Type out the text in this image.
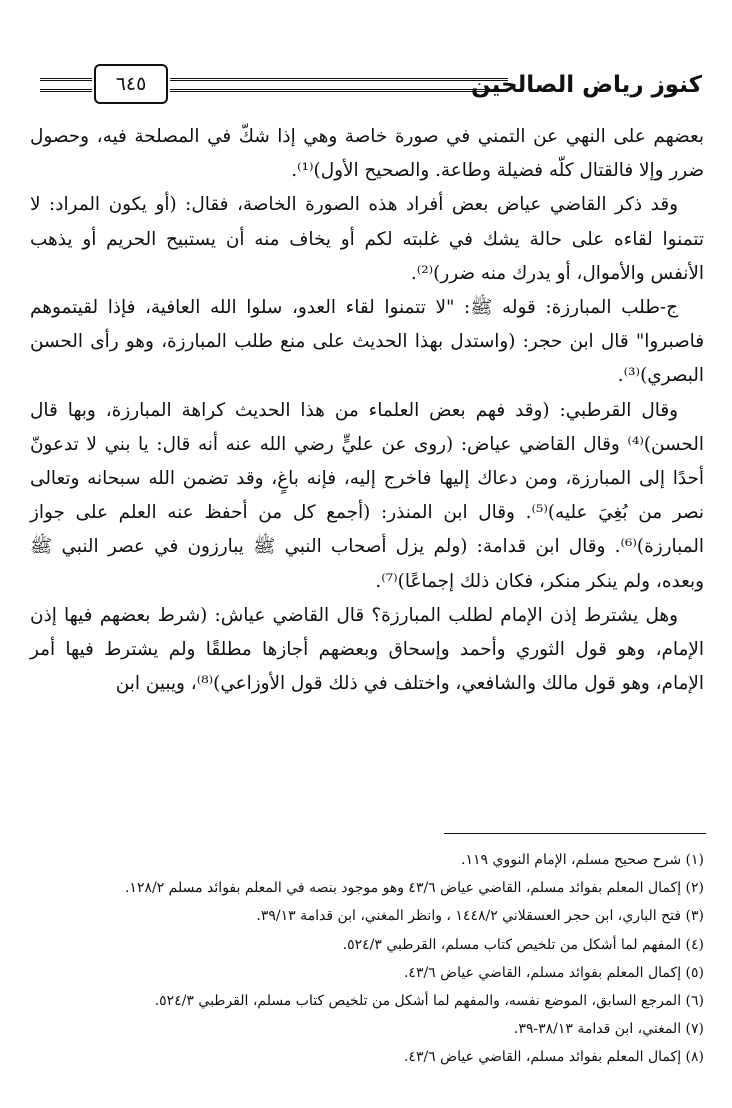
٦٤٥	كنوز رياض الصالحين

بعضهم على النهي عن التمني في صورة خاصة وهي إذا شكّ في المصلحة فيه، وحصول ضرر وإلا فالقتال كلّه فضيلة وطاعة. والصحيح الأول)⁽¹⁾.

وقد ذكر القاضي عياض بعض أفراد هذه الصورة الخاصة، فقال: (أو يكون المراد: لا تتمنوا لقاءه على حالة يشك في غلبته لكم أو يخاف منه أن يستبيح الحريم أو يذهب الأنفس والأموال، أو يدرك منه ضرر)⁽²⁾.

ج-طلب المبارزة: قوله ﷺ: "لا تتمنوا لقاء العدو، سلوا الله العافية، فإذا لقيتموهم فاصبروا" قال ابن حجر: (واستدل بهذا الحديث على منع طلب المبارزة، وهو رأى الحسن البصري)⁽³⁾.

وقال القرطبي: (وقد فهم بعض العلماء من هذا الحديث كراهة المبارزة، وبها قال الحسن)⁽⁴⁾ وقال القاضي عياض: (روى عن عليٍّ رضي الله عنه أنه قال: يا بني لا تدعونّ أحدًا إلى المبارزة، ومن دعاك إليها فاخرج إليه، فإنه باغٍ، وقد تضمن الله سبحانه وتعالى نصر من بُغِيَ عليه)⁽⁵⁾. وقال ابن المنذر: (أجمع كل من أحفظ عنه العلم على جواز المبارزة)⁽⁶⁾. وقال ابن قدامة: (ولم يزل أصحاب النبي ﷺ يبارزون في عصر النبي ﷺ وبعده، ولم ينكر منكر، فكان ذلك إجماعًا)⁽⁷⁾.

وهل يشترط إذن الإمام لطلب المبارزة؟ قال القاضي عياش: (شرط بعضهم فيها إذن الإمام، وهو قول الثوري وأحمد وإسحاق وبعضهم أجازها مطلقًا ولم يشترط فيها أمر الإمام، وهو قول مالك والشافعي، واختلف في ذلك قول الأوزاعي)⁽⁸⁾، ويبين ابن

(١) شرح صحيح مسلم، الإمام النووي ١١٩.
(٢) إكمال المعلم بفوائد مسلم، القاضي عياض ٤٣/٦ وهو موجود بنصه في المعلم بفوائد مسلم ١٢٨/٢.
(٣) فتح الباري، ابن حجر العسقلاني ١٤٤٨/٢ ، وانظر المغني، ابن قدامة ٣٩/١٣.
(٤) المفهم لما أشكل من تلخيص كتاب مسلم، القرطبي ٥٢٤/٣.
(٥) إكمال المعلم بفوائد مسلم، القاضي عياض ٤٣/٦.
(٦) المرجع السابق، الموضع نفسه، والمفهم لما أشكل من تلخيص كتاب مسلم، القرطبي ٥٢٤/٣.
(٧) المغني، ابن قدامة ٣٨/١٣-٣٩.
(٨) إكمال المعلم بفوائد مسلم، القاضي عياض ٤٣/٦.
